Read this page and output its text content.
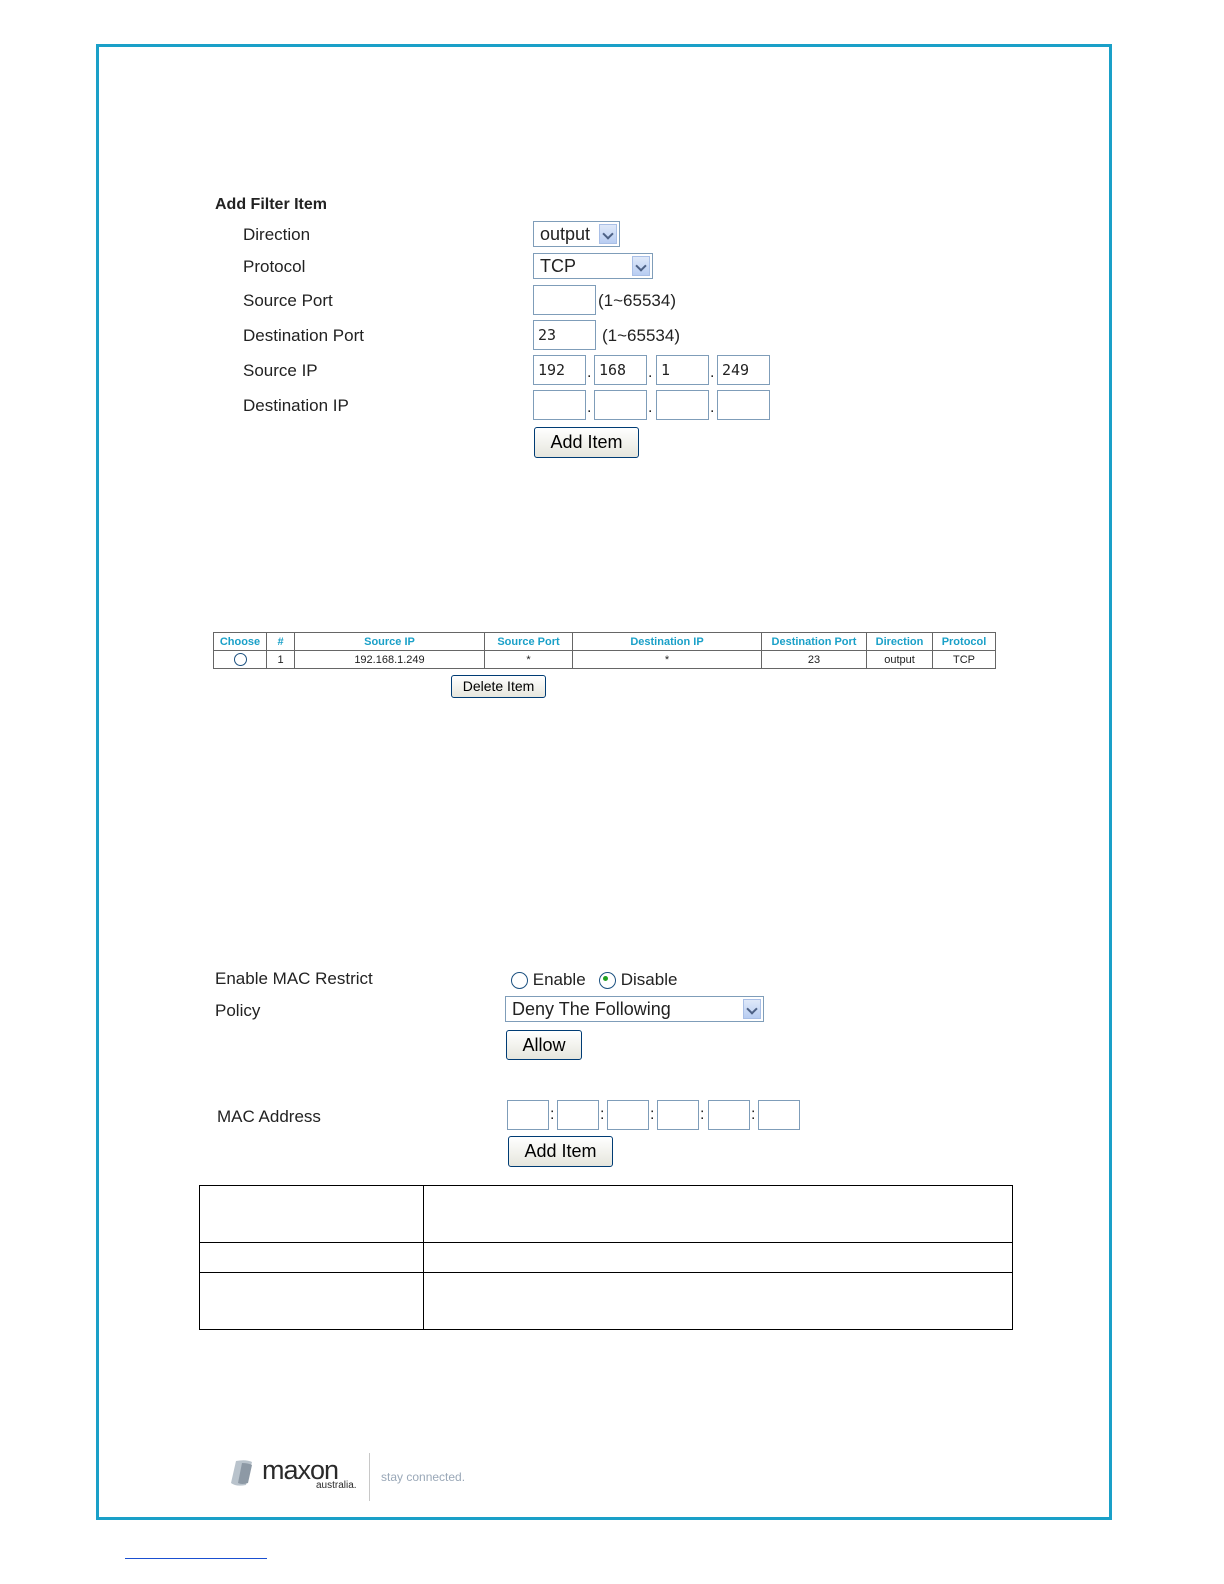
Add Filter Item
Direction	output
Protocol	TCP
Source Port	(1~65534)
Destination Port	23	(1~65534)
Source IP	192	. 168	. 1	. 249
Destination IP	.	.	.
Add Item
Choose	#	Source IP	Source Port	Destination IP	Destination Port	Direction	Protocol
	1	192.168.1.249	*	*	23	output	TCP
Delete Item
Enable MAC Restrict	Enable	Disable
Policy	Deny The Following
Allow
MAC Address	:	:	:	:	:
Add Item

maxon
australia.
stay connected.
